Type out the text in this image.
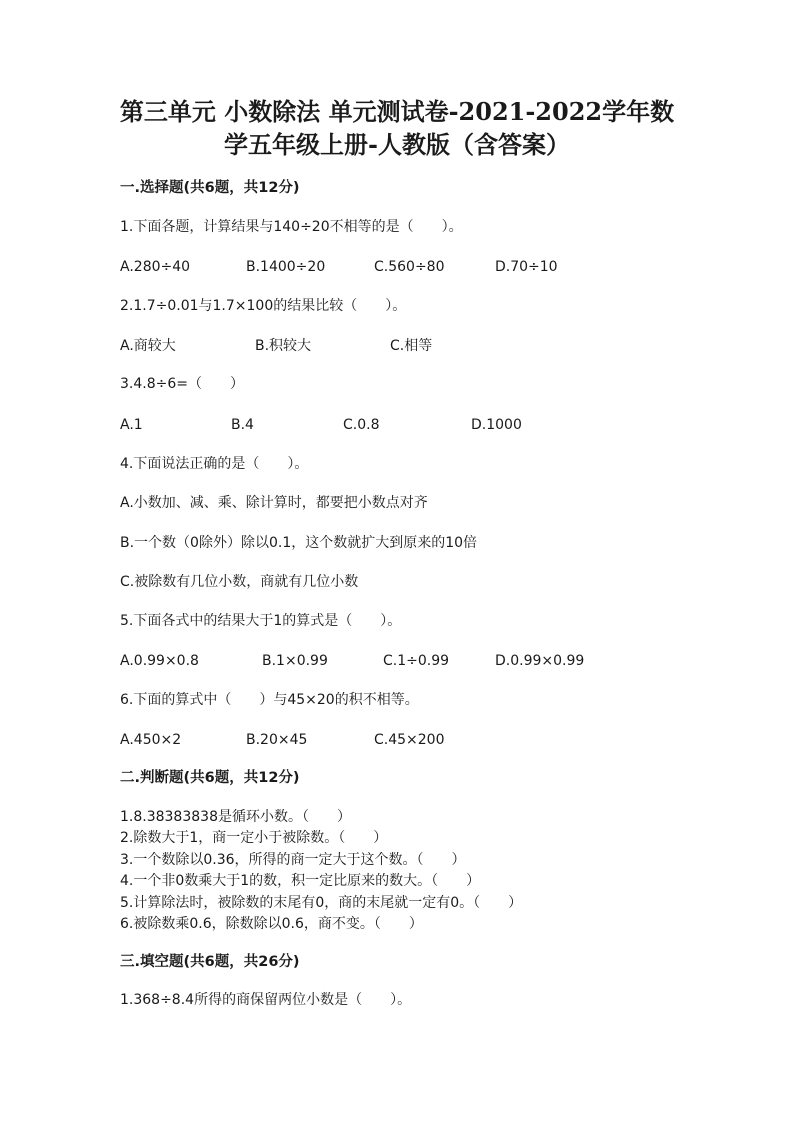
第三单元 小数除法 单元测试卷-2021-2022学年数
学五年级上册-人教版（含答案）
一.选择题(共6题，共12分)
1.下面各题，计算结果与140÷20不相等的是（　　）。
A.280÷40	B.1400÷20	C.560÷80	D.70÷10
2.1.7÷0.01与1.7×100的结果比较（　　）。
A.商较大	B.积较大	C.相等
3.4.8÷6=（　　）
A.1	B.4	C.0.8	D.1000
4.下面说法正确的是（　　）。
A.小数加、减、乘、除计算时，都要把小数点对齐
B.一个数（0除外）除以0.1，这个数就扩大到原来的10倍
C.被除数有几位小数，商就有几位小数
5.下面各式中的结果大于1的算式是（　　）。
A.0.99×0.8	B.1×0.99	C.1÷0.99	D.0.99×0.99
6.下面的算式中（　　）与45×20的积不相等。
A.450×2	B.20×45	C.45×200
二.判断题(共6题，共12分)
1.8.38383838是循环小数。（　　）
2.除数大于1，商一定小于被除数。（　　）
3.一个数除以0.36，所得的商一定大于这个数。（　　）
4.一个非0数乘大于1的数，积一定比原来的数大。（　　）
5.计算除法时，被除数的末尾有0，商的末尾就一定有0。（　　）
6.被除数乘0.6，除数除以0.6，商不变。（　　）
三.填空题(共6题，共26分)
1.368÷8.4所得的商保留两位小数是（　　）。
